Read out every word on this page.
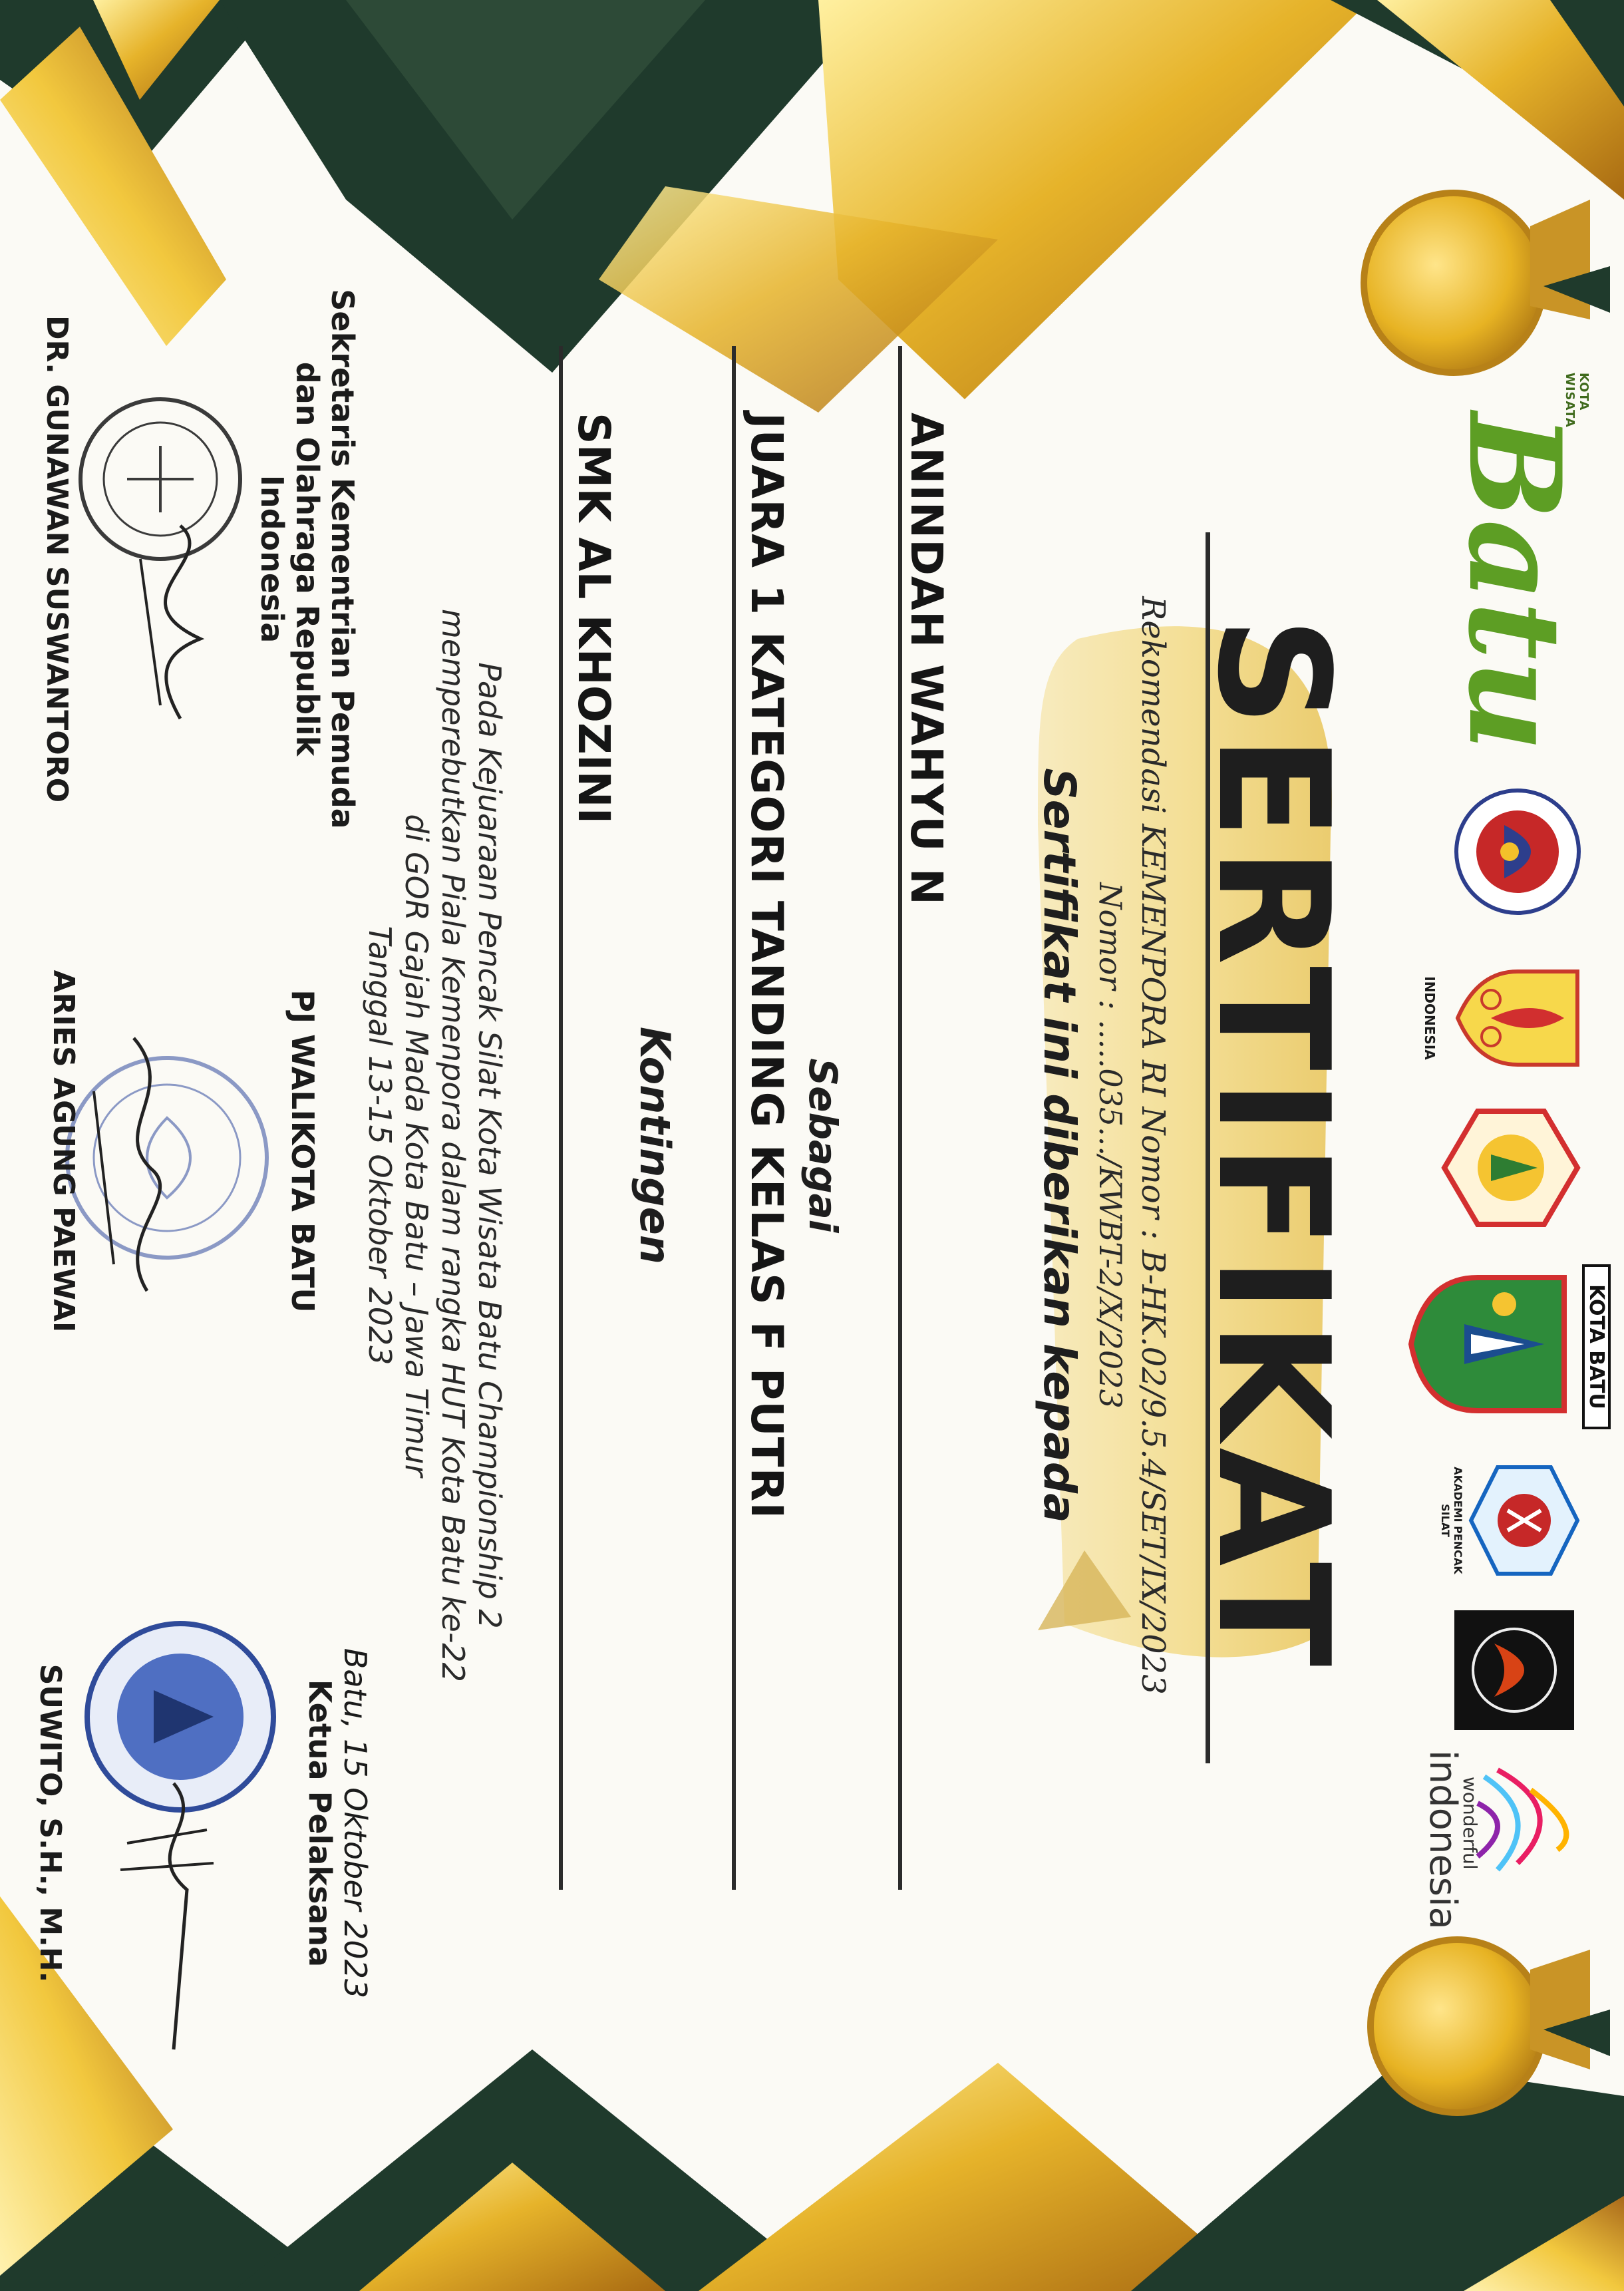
KOTA WISATA
Batu
INDONESIA
KOTA BATU
AKADEMI PENCAK SILAT
wonderful
indonesia
SERTIFIKAT
Rekomendasi KEMENPORA RI Nomor : B-HK.02/9.5.4/SET/IX/2023
Nomor : .....035.../KWBT-2/X/2023
Sertifikat ini diberikan kepada
ANINDAH WAHYU N
Sebagai
JUARA 1 KATEGORI TANDING KELAS F PUTRI
Kontingen
SMK AL KHOZINI
Pada Kejuaraan Pencak Silat Kota Wisata Batu Championship 2
memperebutkan Piala Kemenpora dalam rangka HUT Kota Batu ke-22
di GOR Gajah Mada Kota Batu – Jawa Timur
Tanggal 13-15 Oktober 2023
Sekretaris Kementrian Pemuda
dan Olahraga Republik Indonesia
DR. GUNAWAN SUSWANTORO
PJ WALIKOTA BATU
ARIES AGUNG PAEWAI
Batu, 15 Oktober 2023
Ketua Pelaksana
SUWITO, S.H., M.H.
